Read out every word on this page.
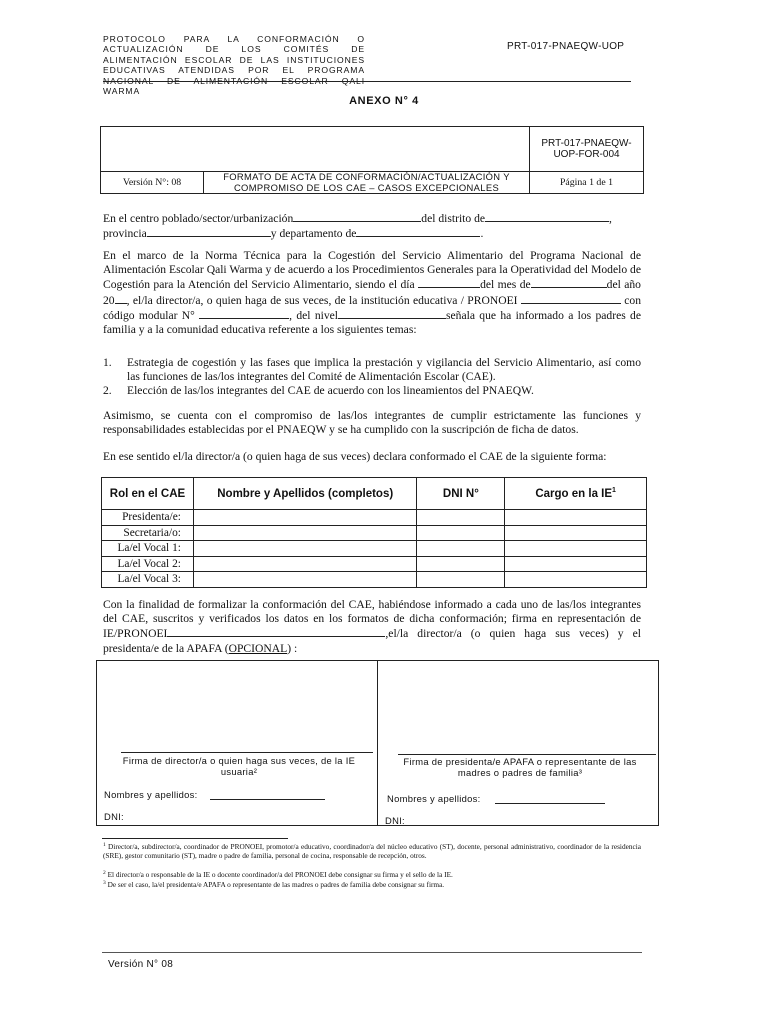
PROTOCOLO PARA LA CONFORMACIÓN O ACTUALIZACIÓN DE LOS COMITÉS DE ALIMENTACIÓN ESCOLAR DE LAS INSTITUCIONES EDUCATIVAS ATENDIDAS POR EL PROGRAMA NACIONAL DE ALIMENTACIÓN ESCOLAR QALI WARMA
PRT-017-PNAEQW-UOP
ANEXO N° 4
PRT-017-PNAEQW-UOP-FOR-004
Versión N°: 08
FORMATO DE ACTA DE CONFORMACIÓN/ACTUALIZACIÓN Y COMPROMISO DE LOS CAE – CASOS EXCEPCIONALES	Página 1 de 1
En el centro poblado/sector/urbanización	del distrito de	,
provincia	y departamento de	.
En el marco de la Norma Técnica para la Cogestión del Servicio Alimentario del Programa Nacional de Alimentación Escolar Qali Warma y de acuerdo a los Procedimientos Generales para la Operatividad del Modelo de Cogestión para la Atención del Servicio Alimentario, siendo el día	del mes de	del año 20 , el/la director/a, o quien haga de sus veces, de la institución educativa / PRONOEI	con código modular N°	, del nivel	señala que ha informado a los padres de familia y a la comunidad educativa referente a los siguientes temas:
1. Estrategia de cogestión y las fases que implica la prestación y vigilancia del Servicio Alimentario, así como las funciones de las/los integrantes del Comité de Alimentación Escolar (CAE).
2. Elección de las/los integrantes del CAE de acuerdo con los lineamientos del PNAEQW.
Asimismo, se cuenta con el compromiso de las/los integrantes de cumplir estrictamente las funciones y responsabilidades establecidas por el PNAEQW y se ha cumplido con la suscripción de ficha de datos.
En ese sentido el/la director/a (o quien haga de sus veces) declara conformado el CAE de la siguiente forma:
Rol en el CAE	Nombre y Apellidos (completos)	DNI N°	Cargo en la $IE^1$
Presidenta/e:			
Secretaria/o:			
La/el Vocal 1:			
La/el Vocal 2:			
La/el Vocal 3:			
Con la finalidad de formalizar la conformación del CAE, habiéndose informado a cada uno de las/los integrantes del CAE, suscritos y verificados los datos en los formatos de dicha conformación; firma en representación de IE/PRONOEI	,el/la director/a (o quien haga sus veces) y el presidenta/e de la APAFA (OPCIONAL) :
Firma de director/a o quien haga sus veces, de la IE usuaria²
Nombres y apellidos:
DNI:
Firma de presidenta/e APAFA o representante de las madres o padres de familia³
Nombres y apellidos:
DNI:
$^1$ Director/a, subdirector/a, coordinador de PRONOEI, promotor/a educativo, coordinador/a del núcleo educativo (ST), docente, personal administrativo, coordinador de la residencia (SRE), gestor comunitario (ST), madre o padre de familia, personal de cocina, responsable de recepción, otros.
$^2$ El director/a o responsable de la IE o docente coordinador/a del PRONOEI debe consignar su firma y el sello de la IE.
$^3$ De ser el caso, la/el presidenta/e APAFA o representante de las madres o padres de familia debe consignar su firma.
Versión N° 08
